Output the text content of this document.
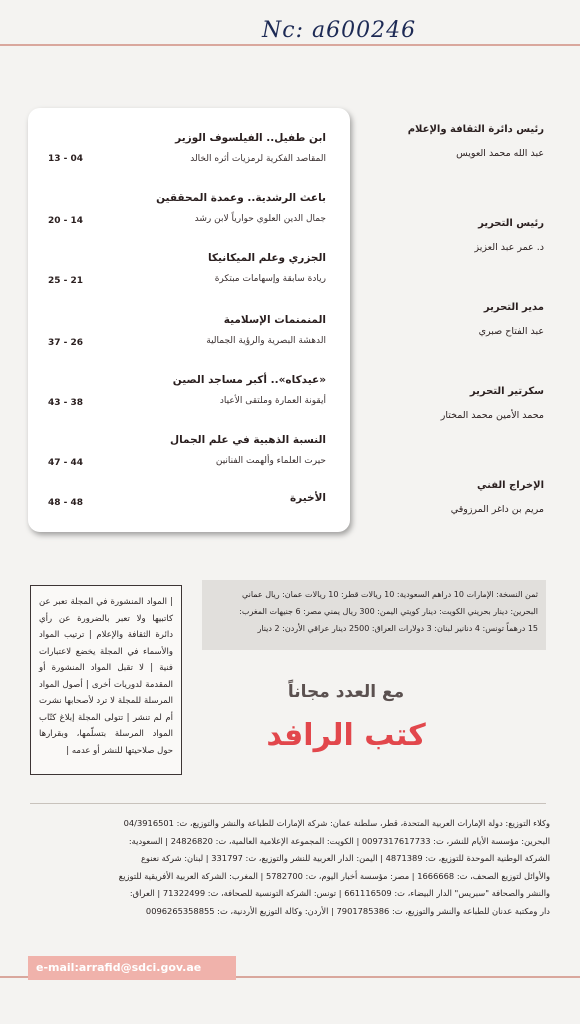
Nc: a600246
ابن طفيل.. الفيلسوف الوزير
المقاصد الفكرية لرمزيات أثره الخالد
13 - 04
باعث الرشدية.. وعمدة المحققين
جمال الدين العلوي حوارياً لابن رشد
20 - 14
الجزري وعلم الميكانيكا
ريادة سابقة وإسهامات مبتكرة
25 - 21
المنمنمات الإسلامية
الدهشة البصرية والرؤية الجمالية
37 - 26
«عيدكاه».. أكبر مساجد الصين
أيقونة العمارة وملتقى الأعياد
43 - 38
النسبة الذهبية في علم الجمال
حيرت العلماء وألهمت الفنانين
47 - 44
الأخيرة
48 - 48
رئيس دائرة الثقافة والإعلام
عبد الله محمد العويس
رئيس التحرير
د. عمر عبد العزيز
مدير التحرير
عبد الفتاح صبري
سكرتير التحرير
محمد الأمين محمد المختار
الإخراج الفني
مريم بن داغر المرزوقي
ثمن النسخة: الإمارات 10 دراهم السعودية: 10 ريالات قطر: 10 ريالات عمان: ريال عماني
البحرين: دينار بحريني الكويت: دينار كويتي اليمن: 300 ريال يمني مصر: 6 جنيهات المغرب:
15 درهماً تونس: 4 دنانير لبنان: 3 دولارات العراق: 2500 دينار عراقي الأردن: 2 دينار
| المواد المنشورة في المجلة تعبر عن كاتبيها ولا تعبر بالضرورة عن رأي دائرة الثقافة والإعلام | ترتيب المواد والأسماء في المجلة يخضع لاعتبارات فنية | لا تقبل المواد المنشورة أو المقدمة لدوريات أخرى | أصول المواد المرسلة للمجلة لا ترد لأصحابها نشرت أم لم تنشر | تتولى المجلة إبلاغ كتّاب المواد المرسلة بتسلّمها، وبقرارها حول صلاحيتها للنشر أو عدمه |
مع العدد مجاناً
كتب الرافد
وكلاء التوزيع: دولة الإمارات العربية المتحدة، قطر، سلطنة عمان: شركة الإمارات للطباعة والنشر والتوزيع، ت: 04/3916501
البحرين: مؤسسة الأيام للنشر، ت: 0097317617733 | الكويت: المجموعة الإعلامية العالمية، ت: 24826820 | السعودية:
الشركة الوطنية الموحدة للتوزيع، ت: 4871389 | اليمن: الدار العربية للنشر والتوزيع، ت: 331797 | لبنان: شركة نعنوع
والأوائل لتوزيع الصحف، ت: 1666668 | مصر: مؤسسة أخبار اليوم، ت: 5782700 | المغرب: الشركة العربية الأفريقية للتوزيع
والنشر والصحافة "سبريس" الدار البيضاء، ت: 661116509 | تونس: الشركة التونسية للصحافة، ت: 71322499 | العراق:
دار ومكتبة عدنان للطباعة والنشر والتوزيع، ت: 7901785386 | الأردن: وكالة التوزيع الأردنية، ت: 0096265358855
e-mail:arrafid@sdci.gov.ae
